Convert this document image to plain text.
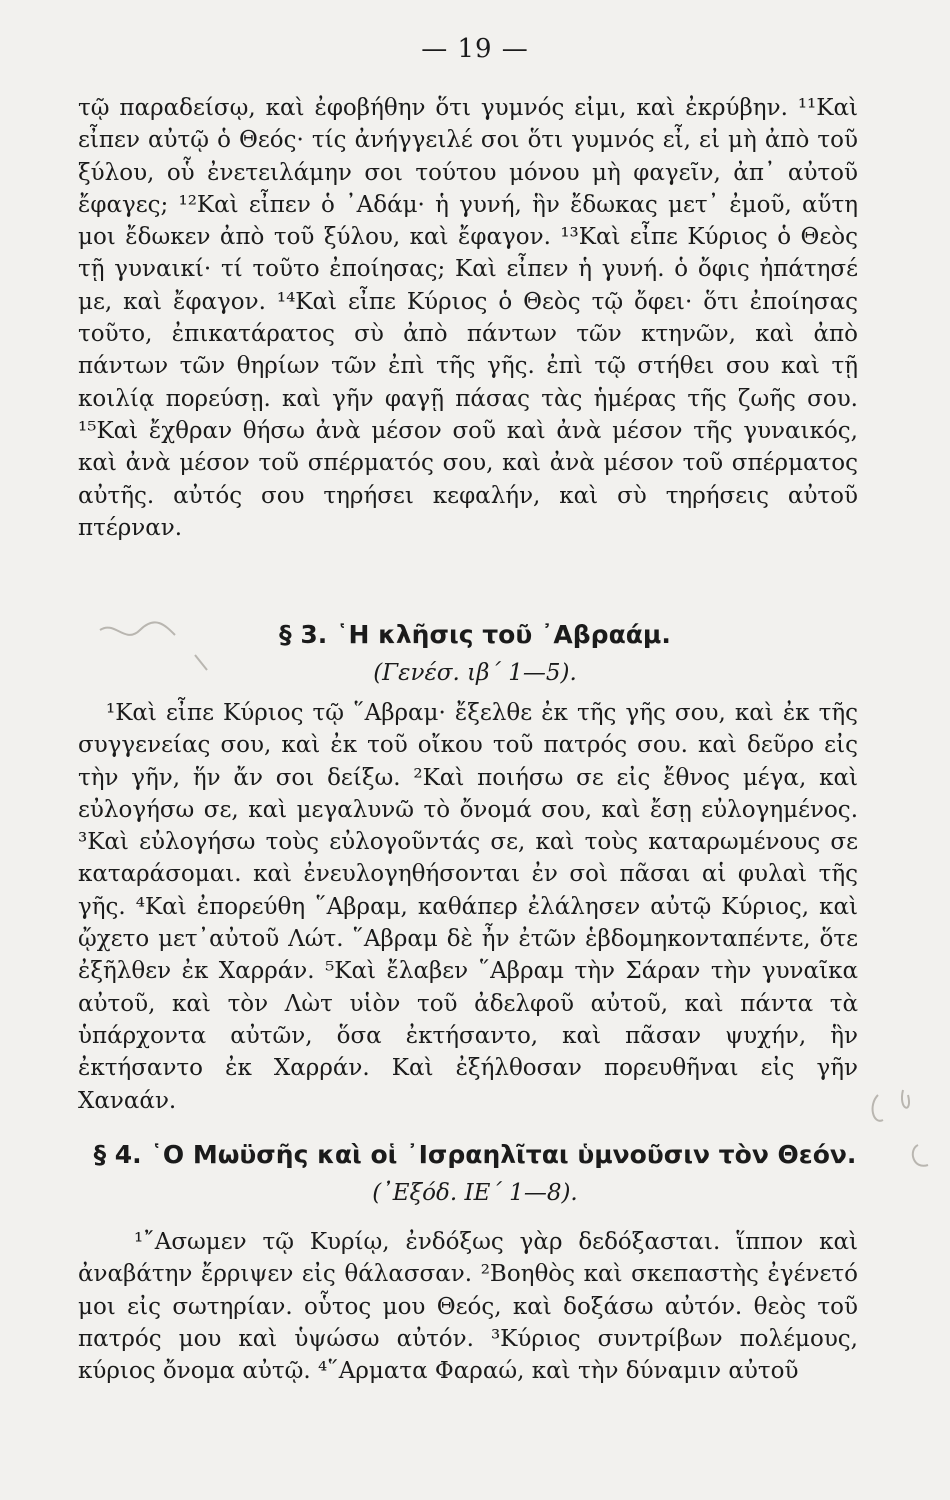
— 19 —

τῷ παραδείσῳ, καὶ ἐφοβήθην ὅτι γυμνός εἰμι, καὶ ἐκρύβην. ¹¹Καὶ εἶπεν αὐτῷ ὁ Θεός· τίς ἀνήγγειλέ σοι ὅτι γυμνός εἶ, εἰ μὴ ἀπὸ τοῦ ξύλου, οὗ ἐνετειλάμην σοι τούτου μόνου μὴ φαγεῖν, ἀπ᾿ αὐτοῦ ἔφαγες; ¹²Καὶ εἶπεν ὁ ᾿Αδάμ· ἡ γυνή, ἣν ἔδωκας μετ᾿ ἐμοῦ, αὕτη μοι ἔδωκεν ἀπὸ τοῦ ξύλου, καὶ ἔφαγον. ¹³Καὶ εἶπε Κύριος ὁ Θεὸς τῇ γυναικί· τί τοῦτο ἐποίησας; Καὶ εἶπεν ἡ γυνή. ὁ ὄφις ἠπάτησέ με, καὶ ἔφαγον. ¹⁴Καὶ εἶπε Κύριος ὁ Θεὸς τῷ ὄφει· ὅτι ἐποίησας τοῦτο, ἐπικατάρατος σὺ ἀπὸ πάντων τῶν κτηνῶν, καὶ ἀπὸ πάντων τῶν θηρίων τῶν ἐπὶ τῆς γῆς. ἐπὶ τῷ στήθει σου καὶ τῇ κοιλίᾳ πορεύσῃ. καὶ γῆν φαγῇ πάσας τὰς ἡμέρας τῆς ζωῆς σου. ¹⁵Καὶ ἔχθραν θήσω ἀνὰ μέσον σοῦ καὶ ἀνὰ μέσον τῆς γυναικός, καὶ ἀνὰ μέσον τοῦ σπέρματός σου, καὶ ἀνὰ μέσον τοῦ σπέρματος αὐτῆς. αὐτός σου τηρήσει κεφαλήν, καὶ σὺ τηρήσεις αὐτοῦ πτέρναν.

§ 3. ῾Η κλῆσις τοῦ ᾿Αβραάμ.
(Γενέσ. ιβ΄ 1—5).

¹Καὶ εἶπε Κύριος τῷ ῞Αβραμ· ἔξελθε ἐκ τῆς γῆς σου, καὶ ἐκ τῆς συγγενείας σου, καὶ ἐκ τοῦ οἴκου τοῦ πατρός σου. καὶ δεῦρο εἰς τὴν γῆν, ἥν ἄν σοι δείξω. ²Καὶ ποιήσω σε εἰς ἔθνος μέγα, καὶ εὐλογήσω σε, καὶ μεγαλυνῶ τὸ ὄνομά σου, καὶ ἔσῃ εὐλογημένος. ³Καὶ εὐλογήσω τοὺς εὐλογοῦντάς σε, καὶ τοὺς καταρωμένους σε καταράσομαι. καὶ ἐνευλογηθήσονται ἐν σοὶ πᾶσαι αἱ φυλαὶ τῆς γῆς. ⁴Καὶ ἐπορεύθη ῞Αβραμ, καθάπερ ἐλάλησεν αὐτῷ Κύριος, καὶ ᾤχετο μετ᾿αὐτοῦ Λώτ. ῞Αβραμ δὲ ἦν ἐτῶν ἑβδομηκονταπέντε, ὅτε ἐξῆλθεν ἐκ Χαρράν. ⁵Καὶ ἔλαβεν ῞Αβραμ τὴν Σάραν τὴν γυναῖκα αὐτοῦ, καὶ τὸν Λὼτ υἱὸν τοῦ ἀδελφοῦ αὐτοῦ, καὶ πάντα τὰ ὑπάρχοντα αὐτῶν, ὅσα ἐκτήσαντο, καὶ πᾶσαν ψυχήν, ἣν ἐκτήσαντο ἐκ Χαρράν. Καὶ ἐξήλθοσαν πορευθῆναι εἰς γῆν Χαναάν.

§ 4. ῾Ο Μωϋσῆς καὶ οἱ ᾿Ισραηλῖται ὑμνοῦσιν τὸν Θεόν.
(᾿Εξόδ. ΙΕ΄ 1—8).

¹῎Ασωμεν τῷ Κυρίῳ, ἐνδόξως γὰρ δεδόξασται. ἵππον καὶ ἀναβάτην ἔρριψεν εἰς θάλασσαν. ²Βοηθὸς καὶ σκεπαστὴς ἐγένετό μοι εἰς σωτηρίαν. οὗτος μου Θεός, καὶ δοξάσω αὐτόν. θεὸς τοῦ πατρός μου καὶ ὑψώσω αὐτόν. ³Κύριος συντρίβων πολέμους, κύριος ὄνομα αὐτῷ. ⁴῞Αρματα Φαραώ, καὶ τὴν δύναμιν αὐτοῦ
